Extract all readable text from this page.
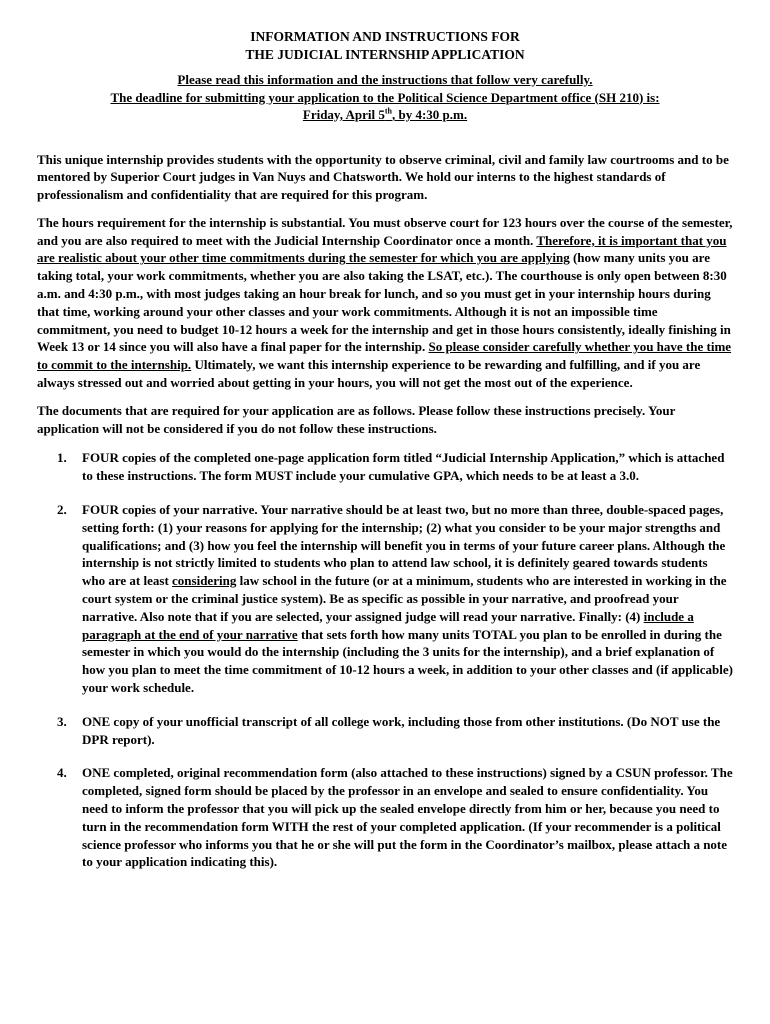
INFORMATION AND INSTRUCTIONS FOR
THE JUDICIAL INTERNSHIP APPLICATION
Please read this information and the instructions that follow very carefully.
The deadline for submitting your application to the Political Science Department office (SH 210) is:
Friday, April 5th, by 4:30 p.m.

This unique internship provides students with the opportunity to observe criminal, civil and family law courtrooms and to be mentored by Superior Court judges in Van Nuys and Chatsworth. We hold our interns to the highest standards of professionalism and confidentiality that are required for this program.

The hours requirement for the internship is substantial. You must observe court for 123 hours over the course of the semester, and you are also required to meet with the Judicial Internship Coordinator once a month. Therefore, it is important that you are realistic about your other time commitments during the semester for which you are applying (how many units you are taking total, your work commitments, whether you are also taking the LSAT, etc.). The courthouse is only open between 8:30 a.m. and 4:30 p.m., with most judges taking an hour break for lunch, and so you must get in your internship hours during that time, working around your other classes and your work commitments. Although it is not an impossible time commitment, you need to budget 10-12 hours a week for the internship and get in those hours consistently, ideally finishing in Week 13 or 14 since you will also have a final paper for the internship. So please consider carefully whether you have the time to commit to the internship. Ultimately, we want this internship experience to be rewarding and fulfilling, and if you are always stressed out and worried about getting in your hours, you will not get the most out of the experience.

The documents that are required for your application are as follows. Please follow these instructions precisely. Your application will not be considered if you do not follow these instructions.

1. FOUR copies of the completed one-page application form titled “Judicial Internship Application,” which is attached to these instructions. The form MUST include your cumulative GPA, which needs to be at least a 3.0.
2. FOUR copies of your narrative. Your narrative should be at least two, but no more than three, double-spaced pages, setting forth: (1) your reasons for applying for the internship; (2) what you consider to be your major strengths and qualifications; and (3) how you feel the internship will benefit you in terms of your future career plans. Although the internship is not strictly limited to students who plan to attend law school, it is definitely geared towards students who are at least considering law school in the future (or at a minimum, students who are interested in working in the court system or the criminal justice system). Be as specific as possible in your narrative, and proofread your narrative. Also note that if you are selected, your assigned judge will read your narrative. Finally: (4) include a paragraph at the end of your narrative that sets forth how many units TOTAL you plan to be enrolled in during the semester in which you would do the internship (including the 3 units for the internship), and a brief explanation of how you plan to meet the time commitment of 10-12 hours a week, in addition to your other classes and (if applicable) your work schedule.
3. ONE copy of your unofficial transcript of all college work, including those from other institutions. (Do NOT use the DPR report).
4. ONE completed, original recommendation form (also attached to these instructions) signed by a CSUN professor. The completed, signed form should be placed by the professor in an envelope and sealed to ensure confidentiality. You need to inform the professor that you will pick up the sealed envelope directly from him or her, because you need to turn in the recommendation form WITH the rest of your completed application. (If your recommender is a political science professor who informs you that he or she will put the form in the Coordinator’s mailbox, please attach a note to your application indicating this).
